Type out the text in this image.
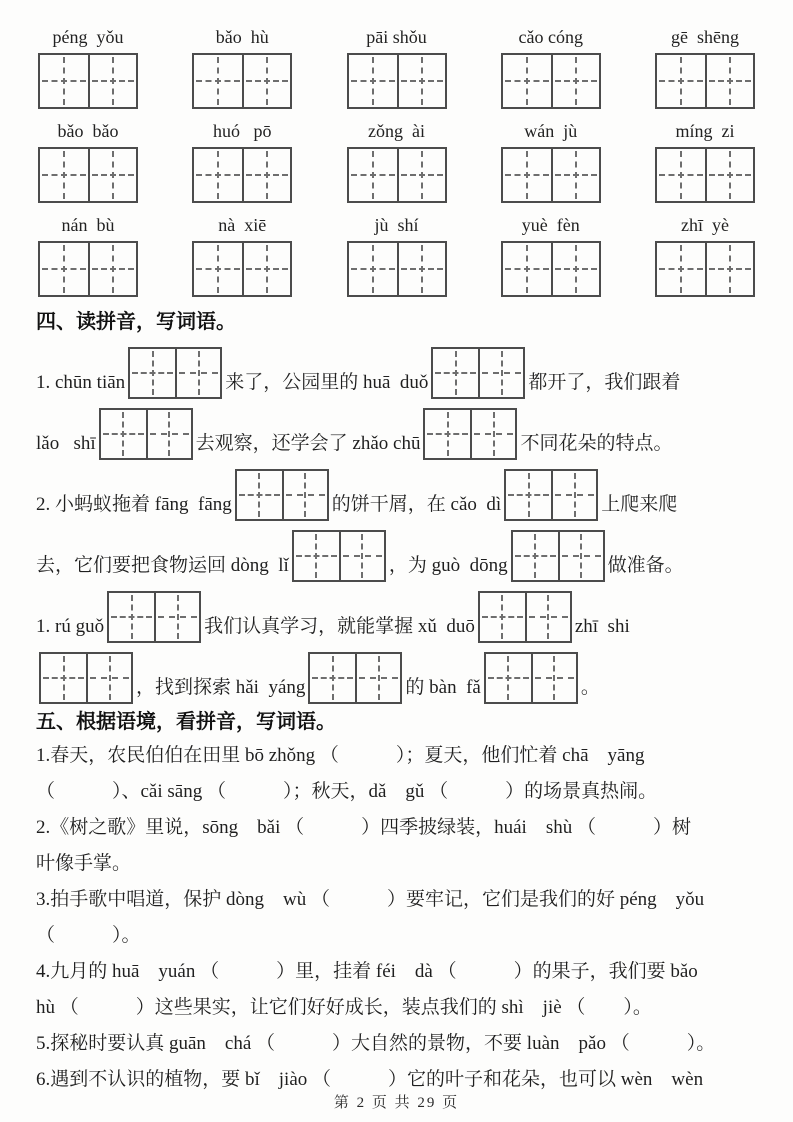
péng  yǒu	bǎo  hù	pāi shǒu	cǎo cóng	gē  shēng
bǎo  bǎo	huó   pō	zǒng  ài	wán  jù	míng  zi
nán  bù	nà  xiē	jù  shí	yuè  fèn	zhī  yè
四、读拼音，写词语。
1. chūn tiān	来了，公园里的 huā  duǒ	都开了，我们跟着
lǎo   shī	去观察，还学会了 zhǎo chū	不同花朵的特点。
2. 小蚂蚁拖着 fāng  fāng	的饼干屑，在 cǎo  dì	上爬来爬
去，它们要把食物运回 dòng  lǐ	，为 guò  dōng	做准备。
1. rú guǒ	我们认真学习，就能掌握 xǔ  duō	zhī  shi
，找到探索 hǎi  yáng	的 bàn  fǎ	。
五、根据语境，看拼音，写词语。
1.春天，农民伯伯在田里 bō zhǒng （　　　）；夏天，他们忙着 chā　yāng
（　　　）、cǎi sāng （　　　）；秋天，dǎ　gǔ （　　　）的场景真热闹。
2.《树之歌》里说，sōng　bǎi （　　　）四季披绿装，huái　shù （　　　）树
叶像手掌。
3.拍手歌中唱道，保护 dòng　wù （　　　）要牢记，它们是我们的好 péng　yǒu
（　　　）。
4.九月的 huā　yuán （　　　）里，挂着 féi　dà （　　　）的果子，我们要 bǎo
hù （　　　）这些果实，让它们好好成长，装点我们的 shì　jiè （　　）。
5.探秘时要认真 guān　chá （　　　）大自然的景物，不要 luàn　pǎo （　　　）。
6.遇到不认识的植物，要 bǐ　jiào （　　　）它的叶子和花朵，也可以 wèn　wèn
第 2 页 共 29 页
